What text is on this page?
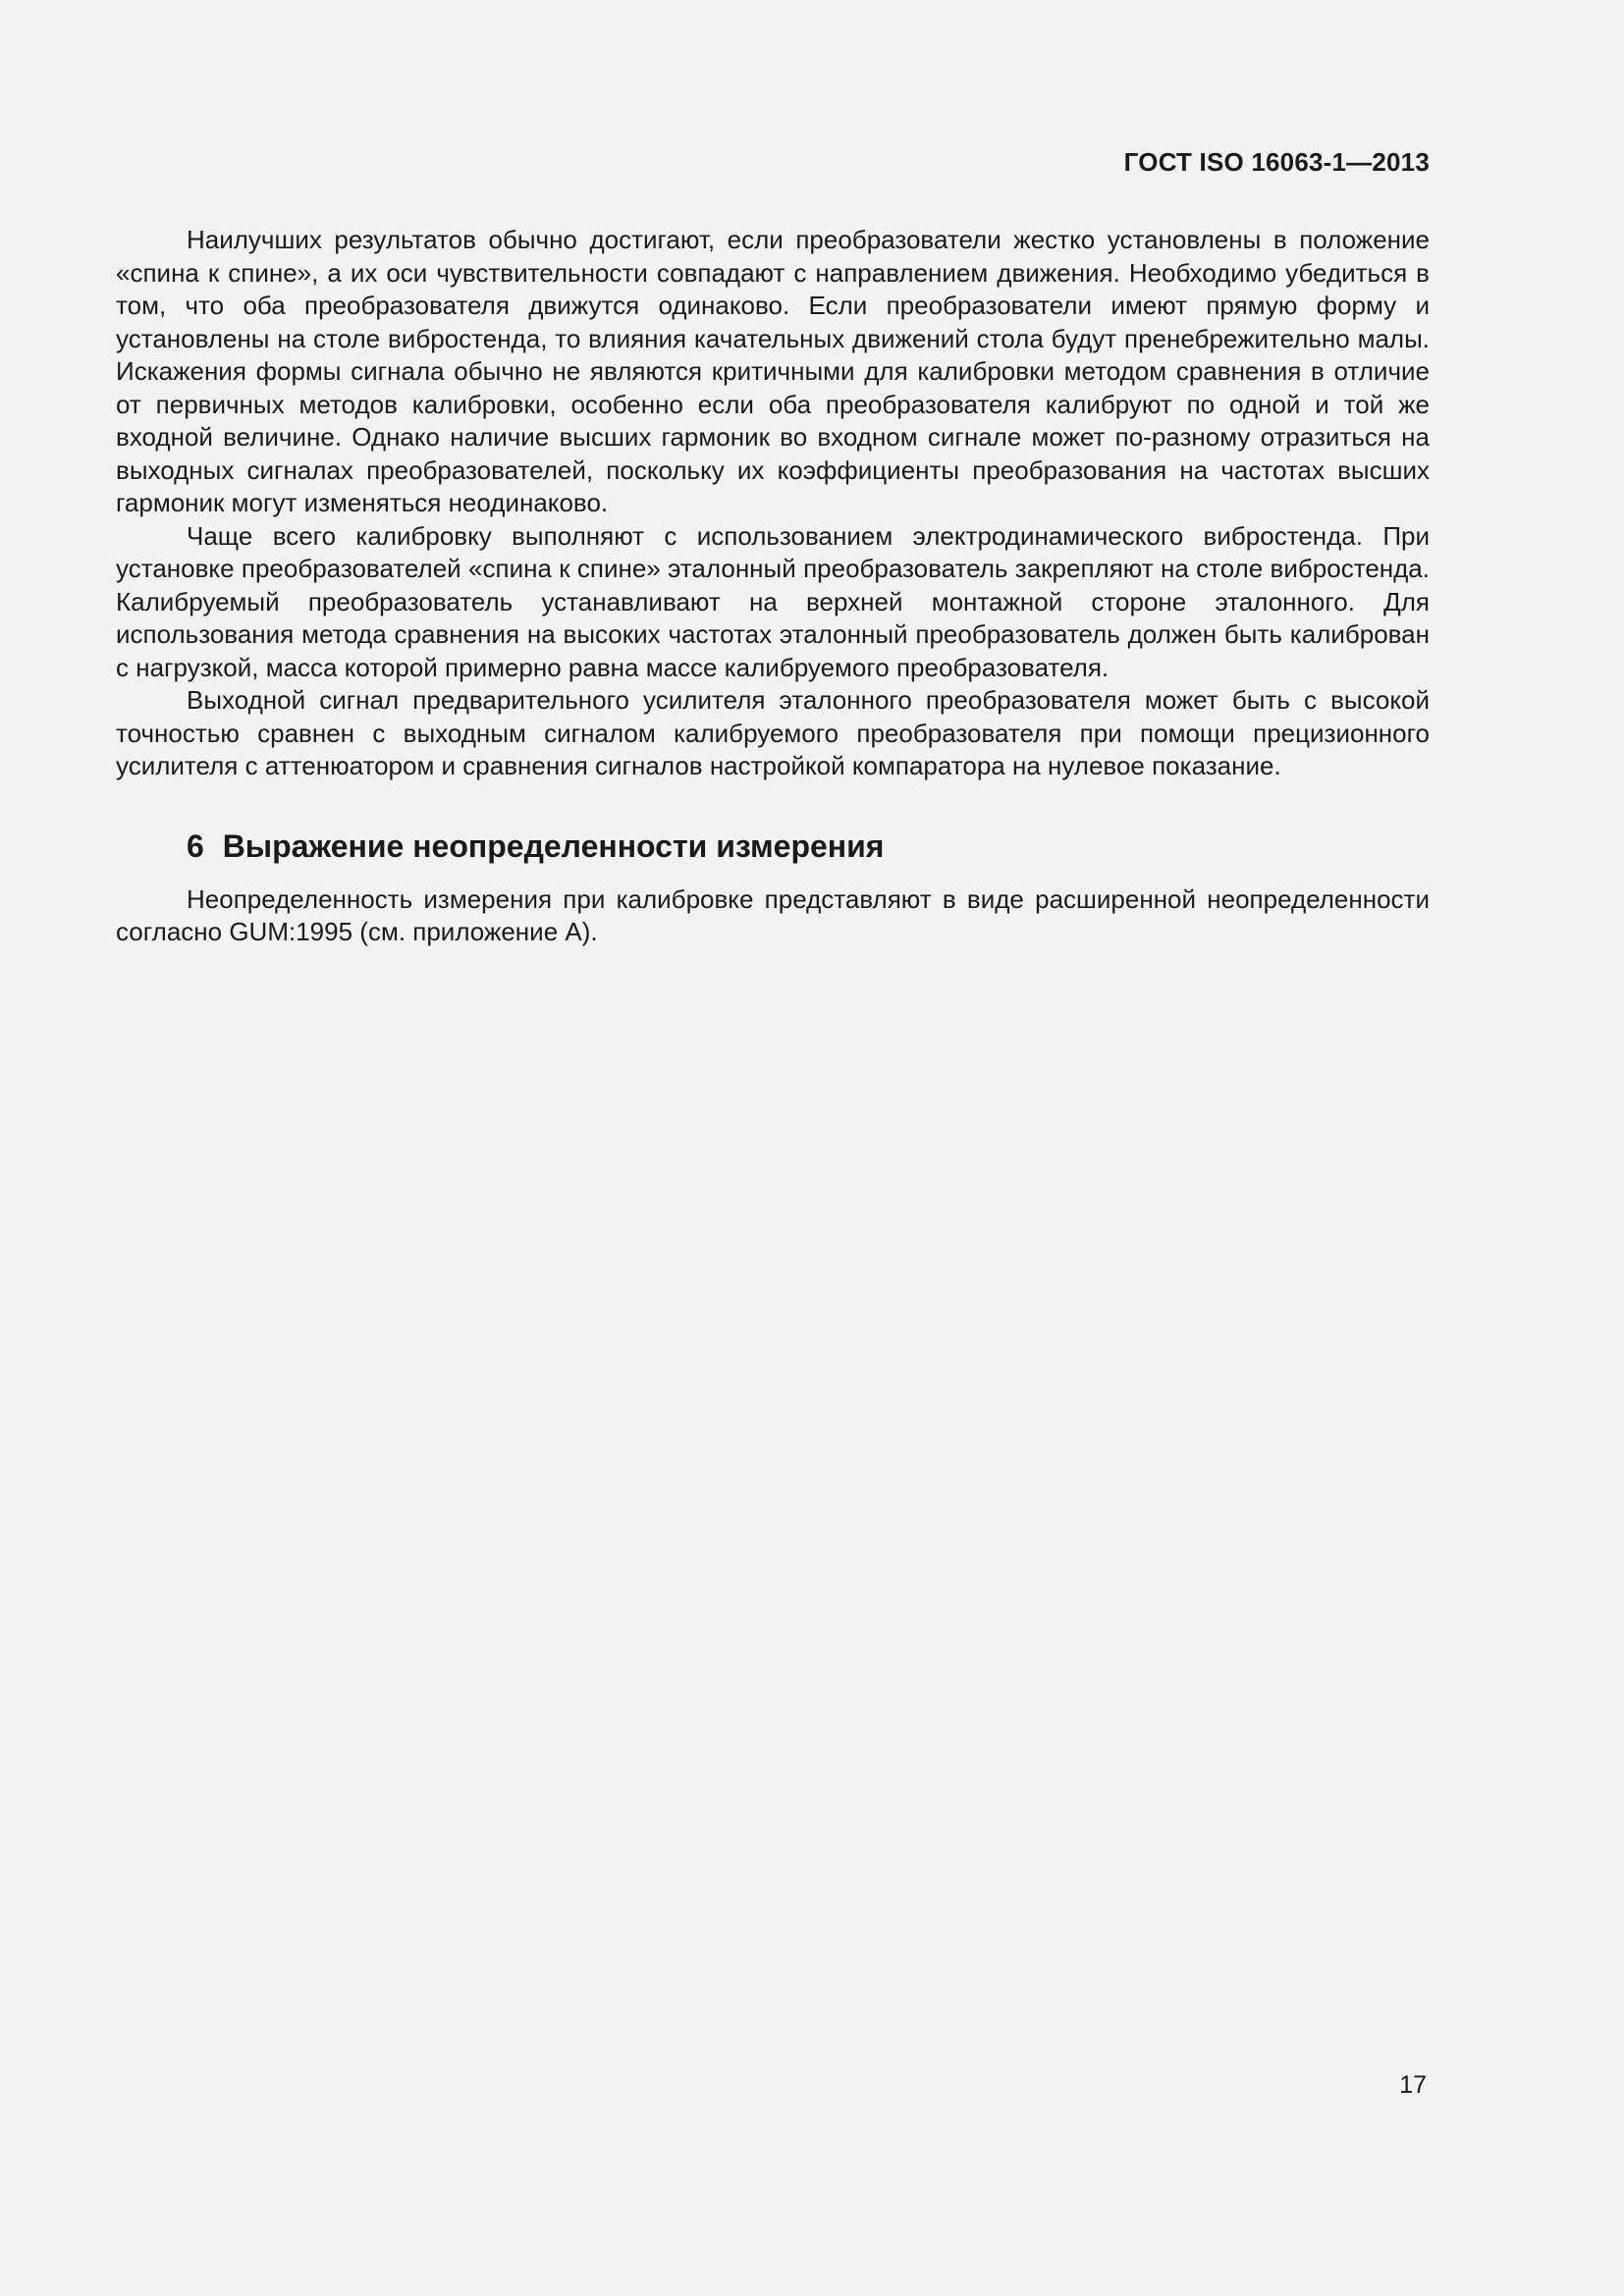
ГОСТ ISO 16063-1—2013

Наилучших результатов обычно достигают, если преобразователи жестко установлены в положение «спина к спине», а их оси чувствительности совпадают с направлением движения. Необходимо убедиться в том, что оба преобразователя движутся одинаково. Если преобразователи имеют прямую форму и установлены на столе вибростенда, то влияния качательных движений стола будут пренебрежительно малы. Искажения формы сигнала обычно не являются критичными для калибровки методом сравнения в отличие от первичных методов калибровки, особенно если оба преобразователя калибруют по одной и той же входной величине. Однако наличие высших гармоник во входном сигнале может по-разному отразиться на выходных сигналах преобразователей, поскольку их коэффициенты преобразования на частотах высших гармоник могут изменяться неодинаково.

Чаще всего калибровку выполняют с использованием электродинамического вибростенда. При установке преобразователей «спина к спине» эталонный преобразователь закрепляют на столе вибростенда. Калибруемый преобразователь устанавливают на верхней монтажной стороне эталонного. Для использования метода сравнения на высоких частотах эталонный преобразователь должен быть калиброван с нагрузкой, масса которой примерно равна массе калибруемого преобразователя.

Выходной сигнал предварительного усилителя эталонного преобразователя может быть с высокой точностью сравнен с выходным сигналом калибруемого преобразователя при помощи прецизионного усилителя с аттенюатором и сравнения сигналов настройкой компаратора на нулевое показание.

6 Выражение неопределенности измерения

Неопределенность измерения при калибровке представляют в виде расширенной неопределенности согласно GUM:1995 (см. приложение А).

17
